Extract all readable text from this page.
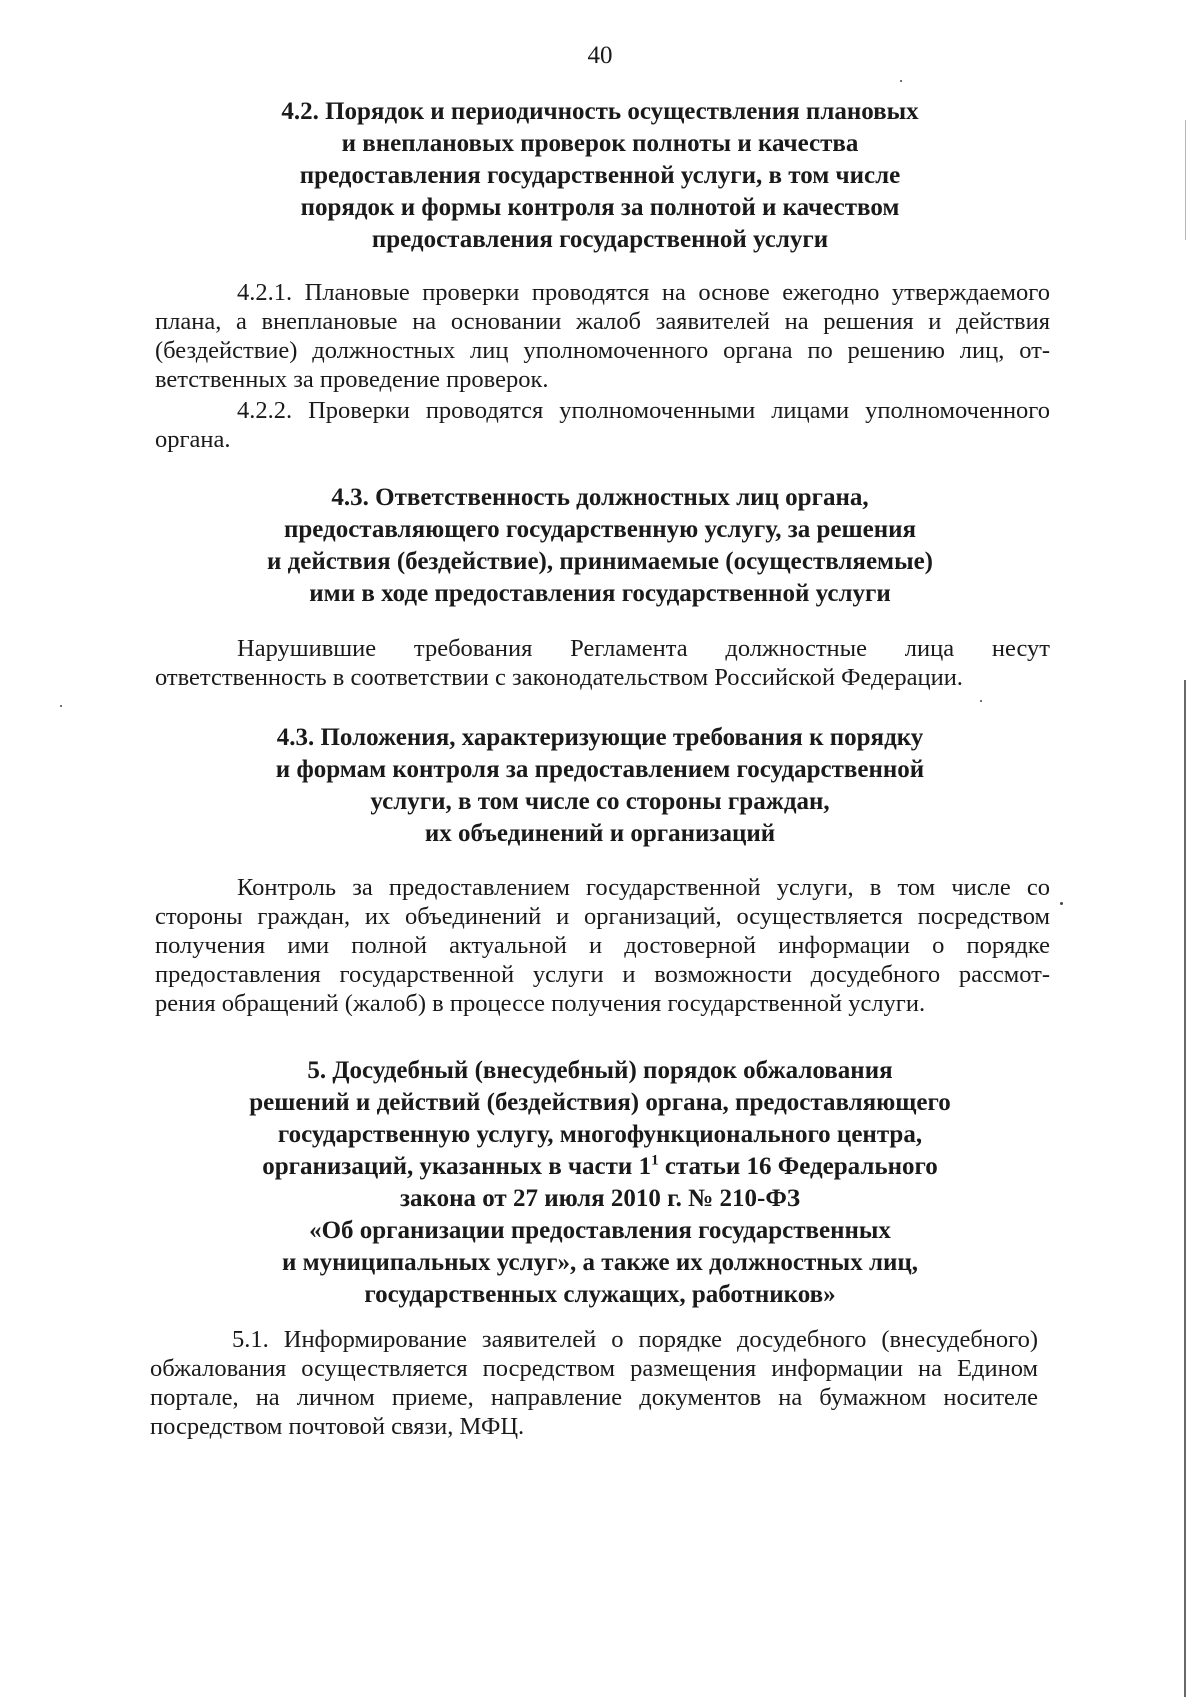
40
4.2. Порядок и периодичность осуществления плановых
и внеплановых проверок полноты и качества
предоставления государственной услуги, в том числе
порядок и формы контроля за полнотой и качеством
предоставления государственной услуги
4.2.1. Плановые проверки проводятся на основе ежегодно утверждаемого
плана, а внеплановые на основании жалоб заявителей на решения и действия
(бездействие) должностных лиц уполномоченного органа по решению лиц, от-
ветственных за проведение проверок.
4.2.2. Проверки проводятся уполномоченными лицами уполномоченного
органа.
4.3. Ответственность должностных лиц органа,
предоставляющего государственную услугу, за решения
и действия (бездействие), принимаемые (осуществляемые)
ими в ходе предоставления государственной услуги
Нарушившие требования Регламента должностные лица несут
ответственность в соответствии с законодательством Российской Федерации.
4.3. Положения, характеризующие требования к порядку
и формам контроля за предоставлением государственной
услуги, в том числе со стороны граждан,
их объединений и организаций
Контроль за предоставлением государственной услуги, в том числе со
стороны граждан, их объединений и организаций, осуществляется посредством
получения ими полной актуальной и достоверной информации о порядке
предоставления государственной услуги и возможности досудебного рассмот-
рения обращений (жалоб) в процессе получения государственной услуги.
5. Досудебный (внесудебный) порядок обжалования
решений и действий (бездействия) органа, предоставляющего
государственную услугу, многофункционального центра,
организаций, указанных в части $1^1$ статьи 16 Федерального
закона от 27 июля 2010 г. № 210-ФЗ
«Об организации предоставления государственных
и муниципальных услуг», а также их должностных лиц,
государственных служащих, работников»
5.1. Информирование заявителей о порядке досудебного (внесудебного)
обжалования осуществляется посредством размещения информации на Едином
портале, на личном приеме, направление документов на бумажном носителе
посредством почтовой связи, МФЦ.
